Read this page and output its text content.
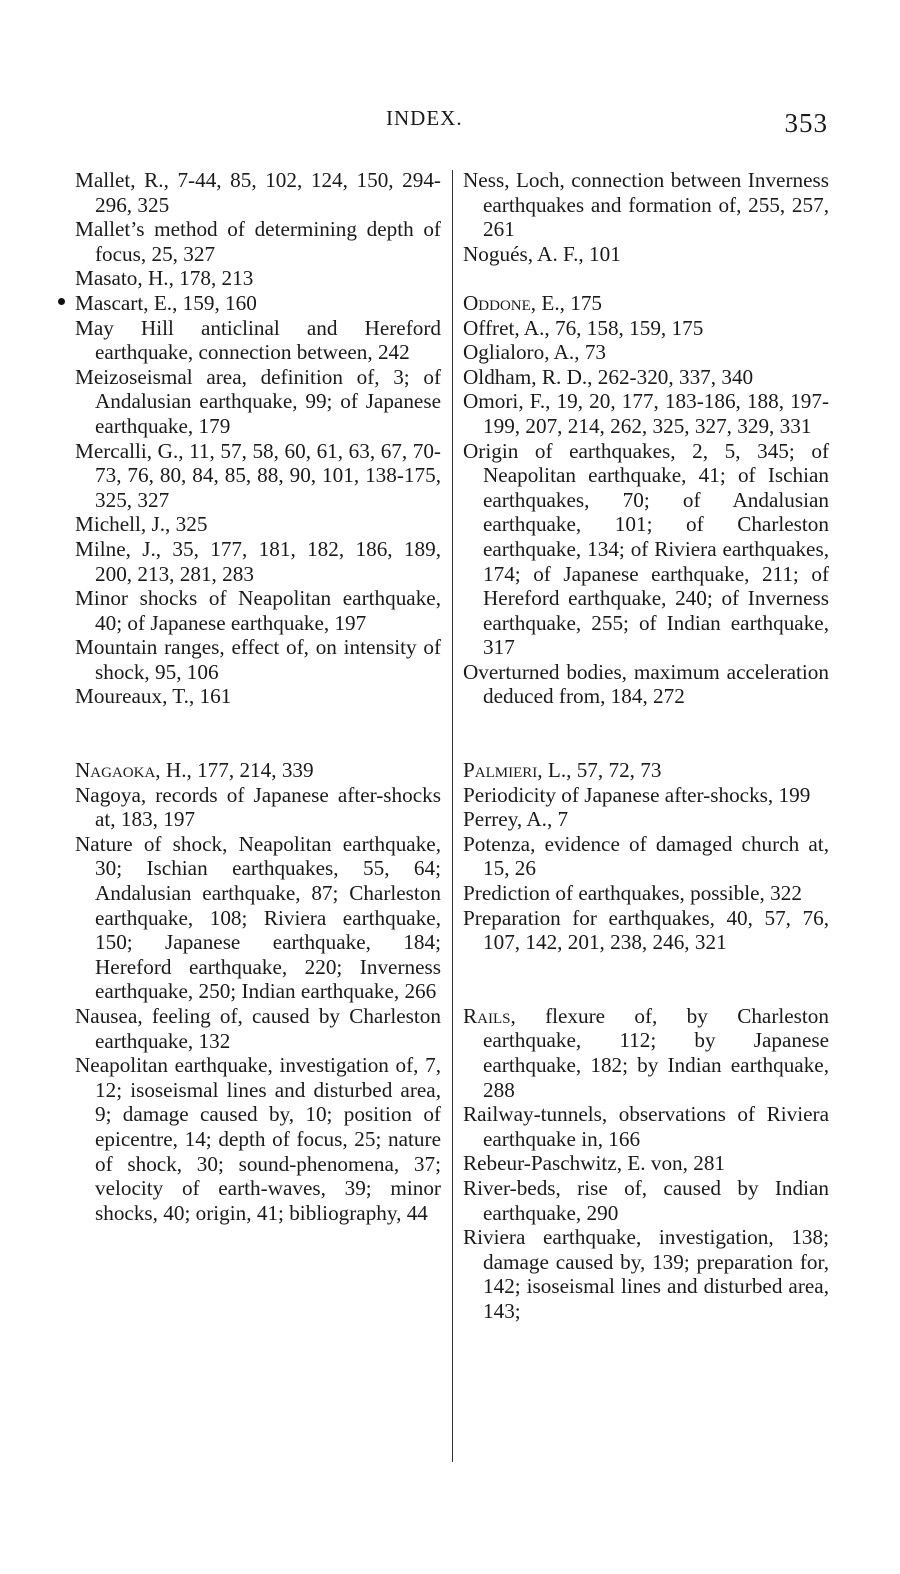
INDEX.	353

Mallet, R., 7-44, 85, 102, 124, 150, 294-296, 325

Mallet’s method of determining depth of focus, 25, 327

Masato, H., 178, 213

Mascart, E., 159, 160

May Hill anticlinal and Hereford earthquake, connection between, 242

Meizoseismal area, definition of, 3; of Andalusian earthquake, 99; of Japanese earthquake, 179

Mercalli, G., 11, 57, 58, 60, 61, 63, 67, 70-73, 76, 80, 84, 85, 88, 90, 101, 138-175, 325, 327

Michell, J., 325

Milne, J., 35, 177, 181, 182, 186, 189, 200, 213, 281, 283

Minor shocks of Neapolitan earthquake, 40; of Japanese earthquake, 197

Mountain ranges, effect of, on intensity of shock, 95, 106

Moureaux, T., 161

Nagaoka, H., 177, 214, 339

Nagoya, records of Japanese after-shocks at, 183, 197

Nature of shock, Neapolitan earthquake, 30; Ischian earthquakes, 55, 64; Andalusian earthquake, 87; Charleston earthquake, 108; Riviera earthquake, 150; Japanese earthquake, 184; Hereford earthquake, 220; Inverness earthquake, 250; Indian earthquake, 266

Nausea, feeling of, caused by Charleston earthquake, 132

Neapolitan earthquake, investigation of, 7, 12; isoseismal lines and disturbed area, 9; damage caused by, 10; position of epicentre, 14; depth of focus, 25; nature of shock, 30; sound-phenomena, 37; velocity of earth-waves, 39; minor shocks, 40; origin, 41; bibliography, 44

Ness, Loch, connection between Inverness earthquakes and formation of, 255, 257, 261

Nogués, A. F., 101

Oddone, E., 175

Offret, A., 76, 158, 159, 175

Oglialoro, A., 73

Oldham, R. D., 262-320, 337, 340

Omori, F., 19, 20, 177, 183-186, 188, 197-199, 207, 214, 262, 325, 327, 329, 331

Origin of earthquakes, 2, 5, 345; of Neapolitan earthquake, 41; of Ischian earthquakes, 70; of Andalusian earthquake, 101; of Charleston earthquake, 134; of Riviera earthquakes, 174; of Japanese earthquake, 211; of Hereford earthquake, 240; of Inverness earthquake, 255; of Indian earthquake, 317

Overturned bodies, maximum acceleration deduced from, 184, 272

Palmieri, L., 57, 72, 73

Periodicity of Japanese after-shocks, 199

Perrey, A., 7

Potenza, evidence of damaged church at, 15, 26

Prediction of earthquakes, possible, 322

Preparation for earthquakes, 40, 57, 76, 107, 142, 201, 238, 246, 321

Rails, flexure of, by Charleston earthquake, 112; by Japanese earthquake, 182; by Indian earthquake, 288

Railway-tunnels, observations of Riviera earthquake in, 166

Rebeur-Paschwitz, E. von, 281

River-beds, rise of, caused by Indian earthquake, 290

Riviera earthquake, investigation, 138; damage caused by, 139; preparation for, 142; isoseismal lines and disturbed area, 143;
